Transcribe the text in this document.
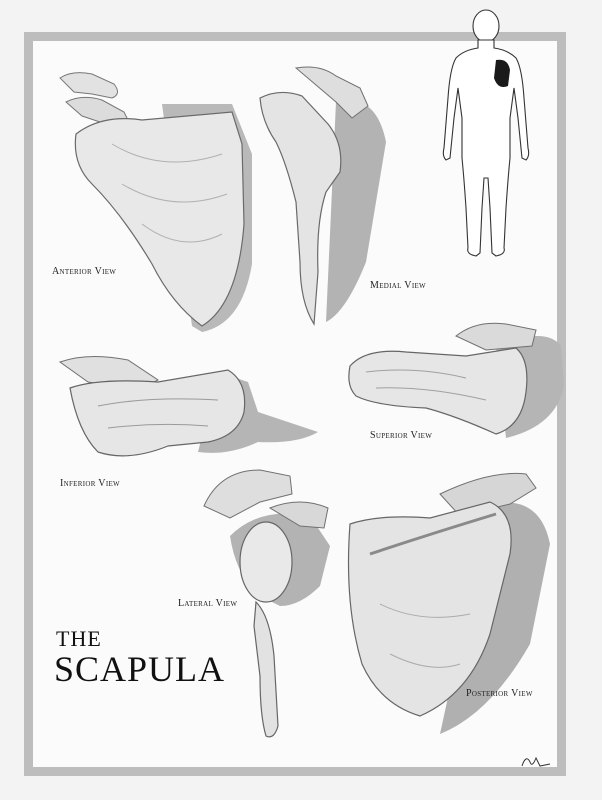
Anterior View
Medial View
Inferior View
Superior View
Lateral View
Posterior View
THE
SCAPULA
